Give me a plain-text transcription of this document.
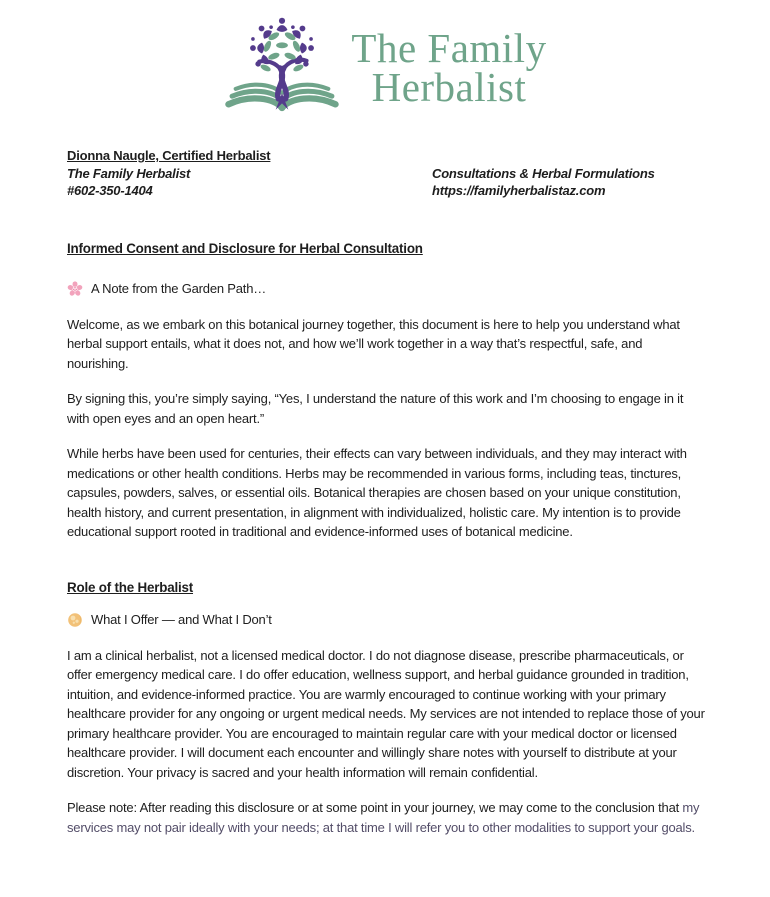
The Family
Herbalist
Dionna Naugle, Certified Herbalist
The Family Herbalist
#602-350-1404
Consultations & Herbal Formulations
https://familyherbalistaz.com
Informed Consent and Disclosure for Herbal Consultation
A Note from the Garden Path…

Welcome, as we embark on this botanical journey together, this document is here to help you understand what herbal support entails, what it does not, and how we’ll work together in a way that’s respectful, safe, and nourishing.

By signing this, you’re simply saying, “Yes, I understand the nature of this work and I’m choosing to engage in it with open eyes and an open heart.”

While herbs have been used for centuries, their effects can vary between individuals, and they may interact with medications or other health conditions. Herbs may be recommended in various forms, including teas, tinctures, capsules, powders, salves, or essential oils. Botanical therapies are chosen based on your unique constitution, health history, and current presentation, in alignment with individualized, holistic care. My intention is to provide educational support rooted in traditional and evidence-informed uses of botanical medicine.

Role of the Herbalist
What I Offer — and What I Don’t

I am a clinical herbalist, not a licensed medical doctor. I do not diagnose disease, prescribe pharmaceuticals, or offer emergency medical care. I do offer education, wellness support, and herbal guidance grounded in tradition, intuition, and evidence-informed practice. You are warmly encouraged to continue working with your primary healthcare provider for any ongoing or urgent medical needs. My services are not intended to replace those of your primary healthcare provider. You are encouraged to maintain regular care with your medical doctor or licensed healthcare provider. I will document each encounter and willingly share notes with yourself to distribute at your discretion. Your privacy is sacred and your health information will remain confidential.

Please note: After reading this disclosure or at some point in your journey, we may come to the conclusion that my services may not pair ideally with your needs; at that time I will refer you to other modalities to support your goals.
